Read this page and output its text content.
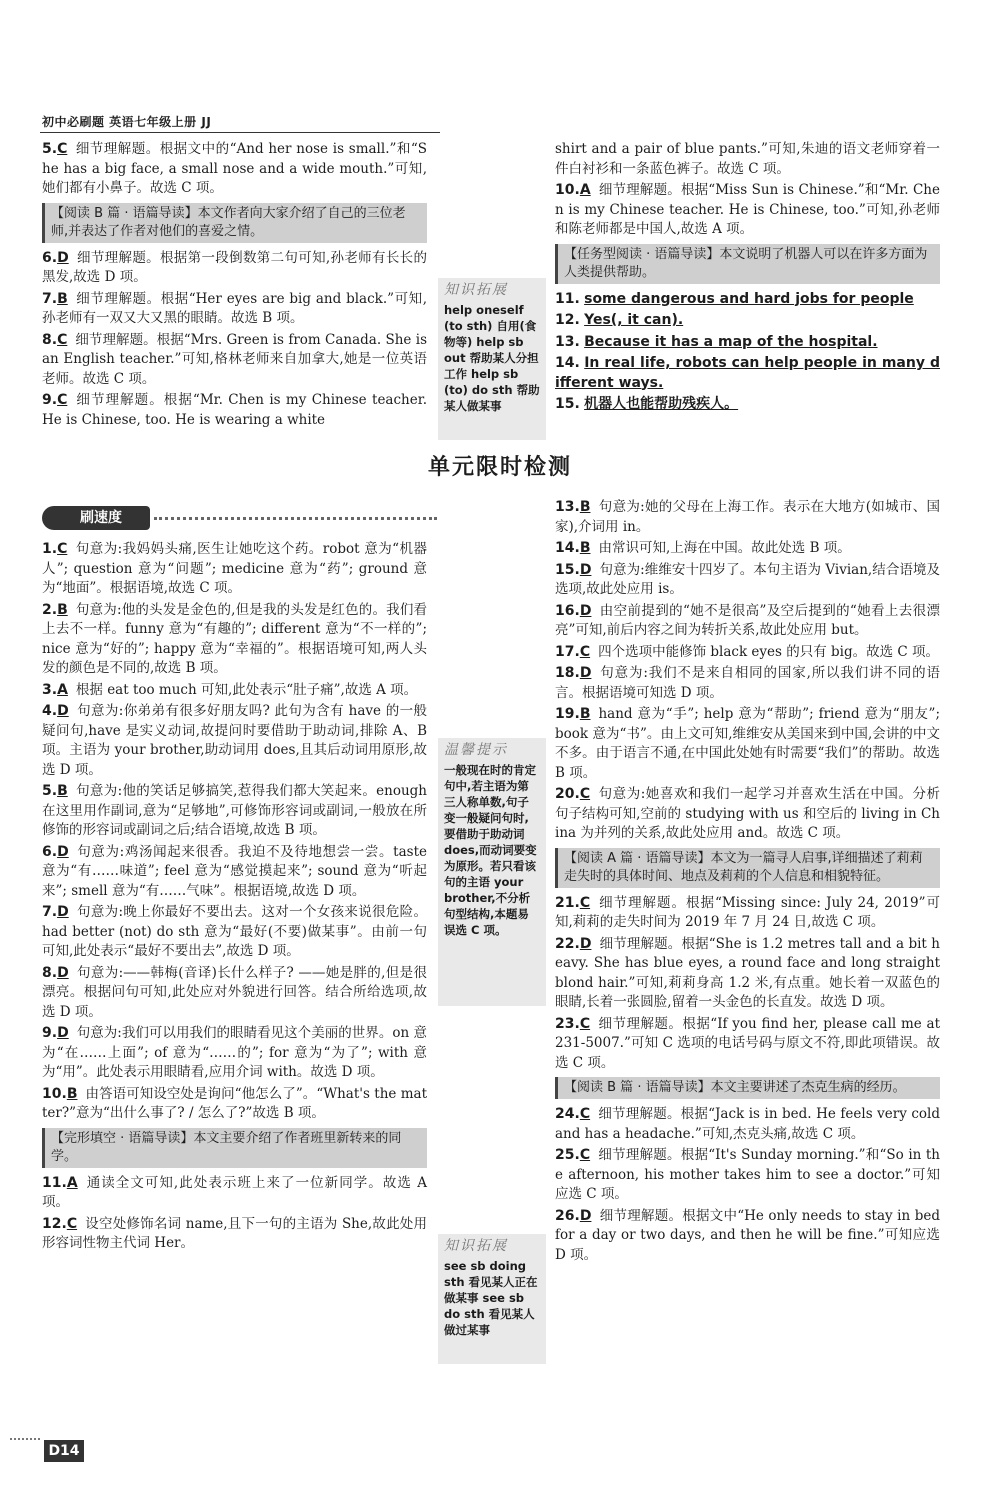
初中必刷题 英语七年级上册 JJ
5.C 细节理解题。根据文中的“And her nose is small.”和“She has a big face, a small nose and a wide mouth.”可知,她们都有小鼻子。故选 C 项。
【阅读 B 篇 · 语篇导读】本文作者向大家介绍了自己的三位老师,并表达了作者对他们的喜爱之情。
6.D 细节理解题。根据第一段倒数第二句可知,孙老师有长长的黑发,故选 D 项。
7.B 细节理解题。根据“Her eyes are big and black.”可知,孙老师有一双又大又黑的眼睛。故选 B 项。
8.C 细节理解题。根据“Mrs. Green is from Canada. She is an English teacher.”可知,格林老师来自加拿大,她是一位英语老师。故选 C 项。
9.C 细节理解题。根据“Mr. Chen is my Chinese teacher. He is Chinese, too. He is wearing a white
知识拓展
help oneself (to sth) 自用(食物等) help sb out 帮助某人分担工作 help sb (to) do sth 帮助某人做某事
shirt and a pair of blue pants.”可知,朱迪的语文老师穿着一件白衬衫和一条蓝色裤子。故选 C 项。
10.A 细节理解题。根据“Miss Sun is Chinese.”和“Mr. Chen is my Chinese teacher. He is Chinese, too.”可知,孙老师和陈老师都是中国人,故选 A 项。
【任务型阅读 · 语篇导读】本文说明了机器人可以在许多方面为人类提供帮助。
11. some dangerous and hard jobs for people
12. Yes(, it can).
13. Because it has a map of the hospital.
14. In real life, robots can help people in many different ways.
15. 机器人也能帮助残疾人。
单元限时检测
刷速度
1.C 句意为:我妈妈头痛,医生让她吃这个药。robot 意为“机器人”; question 意为“问题”; medicine 意为“药”; ground 意为“地面”。根据语境,故选 C 项。
2.B 句意为:他的头发是金色的,但是我的头发是红色的。我们看上去不一样。funny 意为“有趣的”; different 意为“不一样的”; nice 意为“好的”; happy 意为“幸福的”。根据语境可知,两人头发的颜色是不同的,故选 B 项。
3.A 根据 eat too much 可知,此处表示“肚子痛”,故选 A 项。
4.D 句意为:你弟弟有很多好朋友吗? 此句为含有 have 的一般疑问句,have 是实义动词,故提问时要借助于助动词,排除 A、B 项。主语为 your brother,助动词用 does,且其后动词用原形,故选 D 项。
5.B 句意为:他的笑话足够搞笑,惹得我们都大笑起来。enough 在这里用作副词,意为“足够地”,可修饰形容词或副词,一般放在所修饰的形容词或副词之后;结合语境,故选 B 项。
6.D 句意为:鸡汤闻起来很香。我迫不及待地想尝一尝。taste 意为“有……味道”; feel 意为“感觉摸起来”; sound 意为“听起来”; smell 意为“有……气味”。根据语境,故选 D 项。
7.D 句意为:晚上你最好不要出去。这对一个女孩来说很危险。had better (not) do sth 意为“最好(不要)做某事”。由前一句可知,此处表示“最好不要出去”,故选 D 项。
8.D 句意为:——韩梅(音译)长什么样子? ——她是胖的,但是很漂亮。根据问句可知,此处应对外貌进行回答。结合所给选项,故选 D 项。
9.D 句意为:我们可以用我们的眼睛看见这个美丽的世界。on 意为“在……上面”; of 意为“……的”; for 意为“为了”; with 意为“用”。此处表示用眼睛看,应用介词 with。故选 D 项。
10.B 由答语可知设空处是询问“他怎么了”。“What's the matter?”意为“出什么事了? / 怎么了?”故选 B 项。
【完形填空 · 语篇导读】本文主要介绍了作者班里新转来的同学。
11.A 通读全文可知,此处表示班上来了一位新同学。故选 A 项。
12.C 设空处修饰名词 name,且下一句的主语为 She,故此处用形容词性物主代词 Her。
温馨提示
一般现在时的肯定句中,若主语为第三人称单数,句子变一般疑问句时,要借助于助动词 does,而动词要变为原形。若只看该句的主语 your brother,不分析句型结构,本题易误选 C 项。
知识拓展
see sb doing sth 看见某人正在做某事 see sb do sth 看见某人做过某事
13.B 句意为:她的父母在上海工作。表示在大地方(如城市、国家),介词用 in。
14.B 由常识可知,上海在中国。故此处选 B 项。
15.D 句意为:维维安十四岁了。本句主语为 Vivian,结合语境及选项,故此处应用 is。
16.D 由空前提到的“她不是很高”及空后提到的“她看上去很漂亮”可知,前后内容之间为转折关系,故此处应用 but。
17.C 四个选项中能修饰 black eyes 的只有 big。故选 C 项。
18.D 句意为:我们不是来自相同的国家,所以我们讲不同的语言。根据语境可知选 D 项。
19.B hand 意为“手”; help 意为“帮助”; friend 意为“朋友”; book 意为“书”。由上文可知,维维安从美国来到中国,会讲的中文不多。由于语言不通,在中国此处她有时需要“我们”的帮助。故选 B 项。
20.C 句意为:她喜欢和我们一起学习并喜欢生活在中国。分析句子结构可知,空前的 studying with us 和空后的 living in China 为并列的关系,故此处应用 and。故选 C 项。
【阅读 A 篇 · 语篇导读】本文为一篇寻人启事,详细描述了莉莉走失时的具体时间、地点及莉莉的个人信息和相貌特征。
21.C 细节理解题。根据“Missing since: July 24, 2019”可知,莉莉的走失时间为 2019 年 7 月 24 日,故选 C 项。
22.D 细节理解题。根据“She is 1.2 metres tall and a bit heavy. She has blue eyes, a round face and long straight blond hair.”可知,莉莉身高 1.2 米,有点重。她长着一双蓝色的眼睛,长着一张圆脸,留着一头金色的长直发。故选 D 项。
23.C 细节理解题。根据“If you find her, please call me at 231-5007.”可知 C 选项的电话号码与原文不符,即此项错误。故选 C 项。
【阅读 B 篇 · 语篇导读】本文主要讲述了杰克生病的经历。
24.C 细节理解题。根据“Jack is in bed. He feels very cold and has a headache.”可知,杰克头痛,故选 C 项。
25.C 细节理解题。根据“It's Sunday morning.”和“So in the afternoon, his mother takes him to see a doctor.”可知应选 C 项。
26.D 细节理解题。根据文中“He only needs to stay in bed for a day or two days, and then he will be fine.”可知应选 D 项。
D14
